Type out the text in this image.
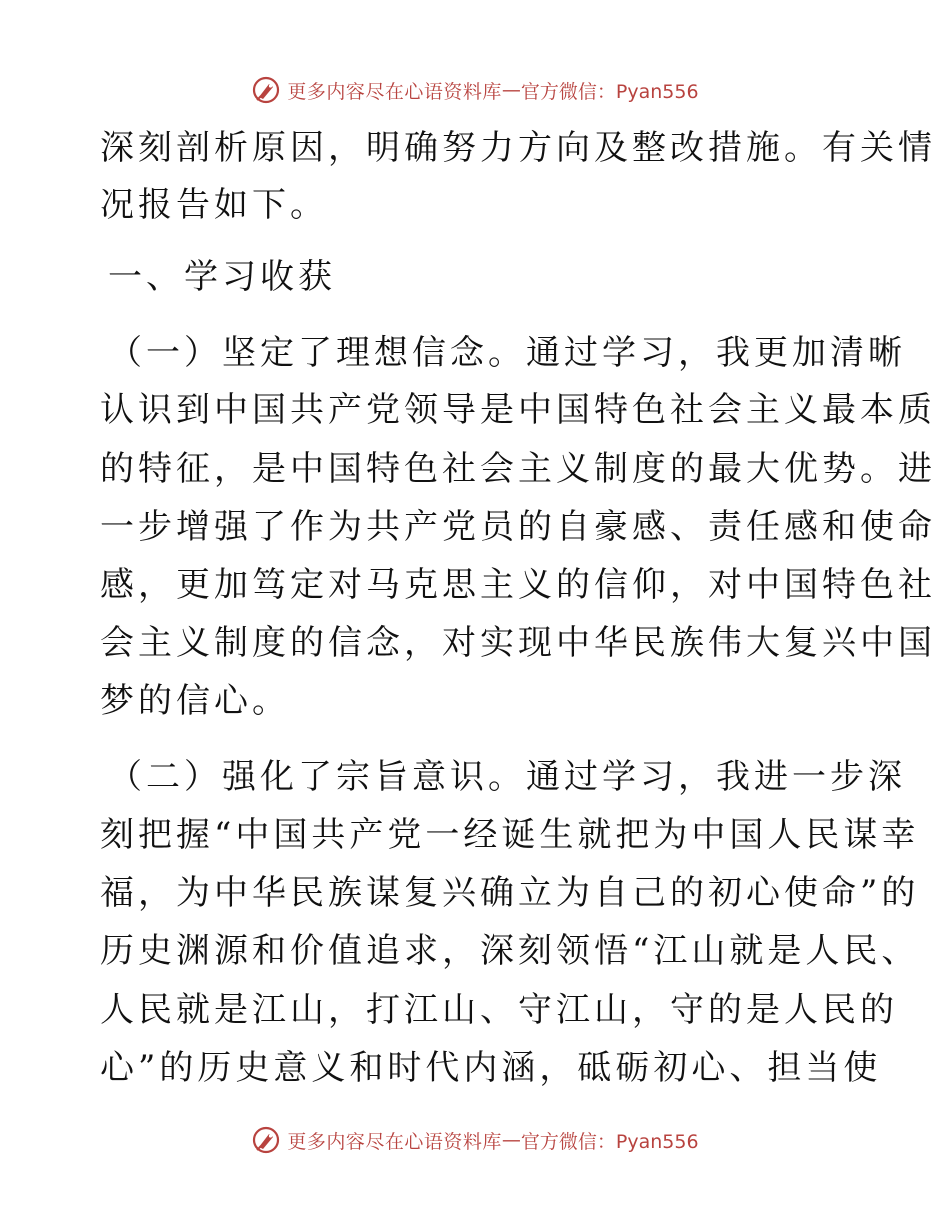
更多内容尽在心语资料库 — 官方微信：Pyan556
深刻剖析原因，明确努力方向及整改措施。有关情
况报告如下。
一、学习收获
（一）坚定了理想信念。通过学习，我更加清晰
认识到中国共产党领导是中国特色社会主义最本质
的特征，是中国特色社会主义制度的最大优势。进
一步增强了作为共产党员的自豪感、责任感和使命
感，更加笃定对马克思主义的信仰，对中国特色社
会主义制度的信念，对实现中华民族伟大复兴中国
梦的信心。
（二）强化了宗旨意识。通过学习，我进一步深
刻把握“中国共产党一经诞生就把为中国人民谋幸
福，为中华民族谋复兴确立为自己的初心使命”的
历史渊源和价值追求，深刻领悟“江山就是人民、
人民就是江山，打江山、守江山，守的是人民的
心”的历史意义和时代内涵，砥砺初心、担当使
更多内容尽在心语资料库 — 官方微信：Pyan556
